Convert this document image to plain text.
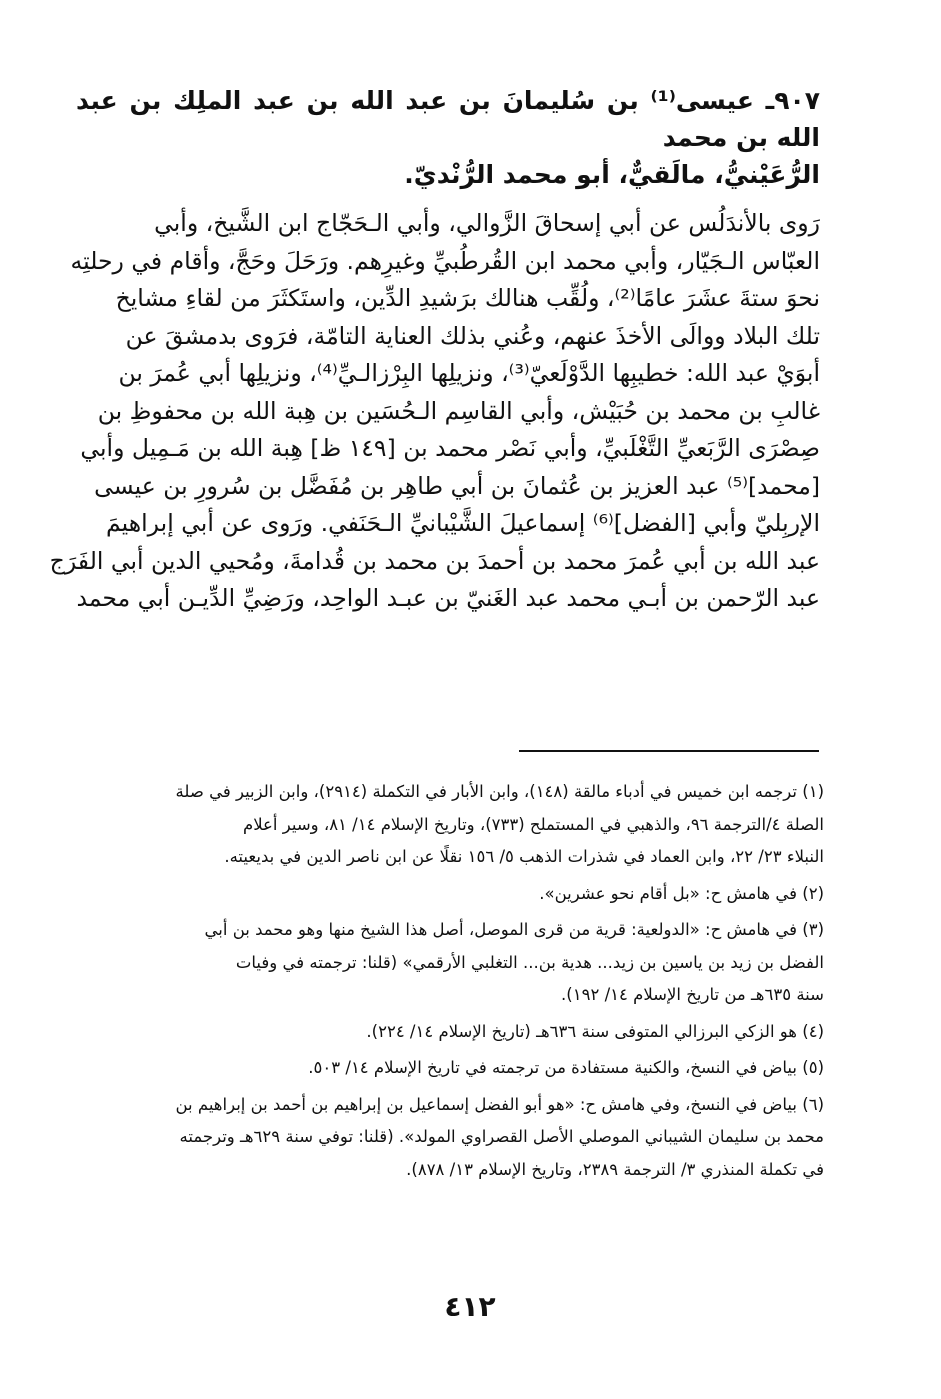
٩٠٧ـ عيسى⁽¹⁾ بن سُليمانَ بن عبد الله بن عبد الملِك بن عبد الله بن محمد
الرُّعَيْنيُّ، مالَقيٌّ، أبو محمد الرُّنْديّ.

رَوى بالأندَلُس عن أبي إسحاقَ الزَّوالي، وأبي الـحَجّاج ابن الشَّيخ، وأبي
العبّاس الـجَيّار، وأبي محمد ابن القُرطُبيِّ وغيرِهم. ورَحَلَ وحَجَّ، وأقام في رحلتِه
نحوَ ستةَ عشَرَ عامًا⁽²⁾، ولُقِّب هنالك برَشيدِ الدِّين، واستَكثَرَ من لقاءِ مشايخ
تلك البلاد ووالَى الأخذَ عنهم، وعُني بذلك العناية التامّة، فرَوى بدمشقَ عن
أبوَيْ عبد الله: خطيبِها الدَّوْلَعيّ⁽³⁾، ونزيلِها البِرْزالـيِّ⁽⁴⁾، ونزيلِها أبي عُمرَ بن
غالبِ بن محمد بن حُبَيْش، وأبي القاسِم الـحُسَين بن هِبة الله بن محفوظِ بن
صِصْرَى الرَّبَعيِّ التَّغْلَبيِّ، وأبي نَصْر محمد بن [١٤٩ ظ] هِبة الله بن مَـمِيل وأبي
[محمد]⁽⁵⁾ عبد العزيز بن عُثمانَ بن أبي طاهِر بن مُفَضَّل بن سُرورِ بن عيسى
الإربِليّ وأبي [الفضل]⁽⁶⁾ إسماعيلَ الشَّيْبانيِّ الـحَنَفي. ورَوى عن أبي إبراهيمَ
عبد الله بن أبي عُمرَ محمد بن أحمدَ بن محمد بن قُدامةَ، ومُحيي الدين أبي الفَرَج
عبد الرّحمن بن أبـي محمد عبد الغَنيّ بن عبـد الواحِد، ورَضِيِّ الدِّيـن أبي محمد

(١) ترجمه ابن خميس في أدباء مالقة (١٤٨)، وابن الأبار في التكملة (٢٩١٤)، وابن الزبير في صلة
الصلة ٤/الترجمة ٩٦، والذهبي في المستملح (٧٣٣)، وتاريخ الإسلام ١٤/ ٨١، وسير أعلام
النبلاء ٢٣/ ٢٢، وابن العماد في شذرات الذهب ٥/ ١٥٦ نقلًا عن ابن ناصر الدين في بديعيته.
(٢) في هامش ح: «بل أقام نحو عشرين».
(٣) في هامش ح: «الدولعية: قرية من قرى الموصل، أصل هذا الشيخ منها وهو محمد بن أبي
الفضل بن زيد بن ياسين بن زيد... هدية بن... التغلبي الأرقمي» (قلنا: ترجمته في وفيات
سنة ٦٣٥هـ من تاريخ الإسلام ١٤/ ١٩٢).
(٤) هو الزكي البرزالي المتوفى سنة ٦٣٦هـ (تاريخ الإسلام ١٤/ ٢٢٤).
(٥) بياض في النسخ، والكنية مستفادة من ترجمته في تاريخ الإسلام ١٤/ ٥٠٣.
(٦) بياض في النسخ، وفي هامش ح: «هو أبو الفضل إسماعيل بن إبراهيم بن أحمد بن إبراهيم بن
محمد بن سليمان الشيباني الموصلي الأصل القصراوي المولد». (قلنا: توفي سنة ٦٢٩هـ وترجمته
في تكملة المنذري ٣/ الترجمة ٢٣٨٩، وتاريخ الإسلام ١٣/ ٨٧٨).
٤١٢
